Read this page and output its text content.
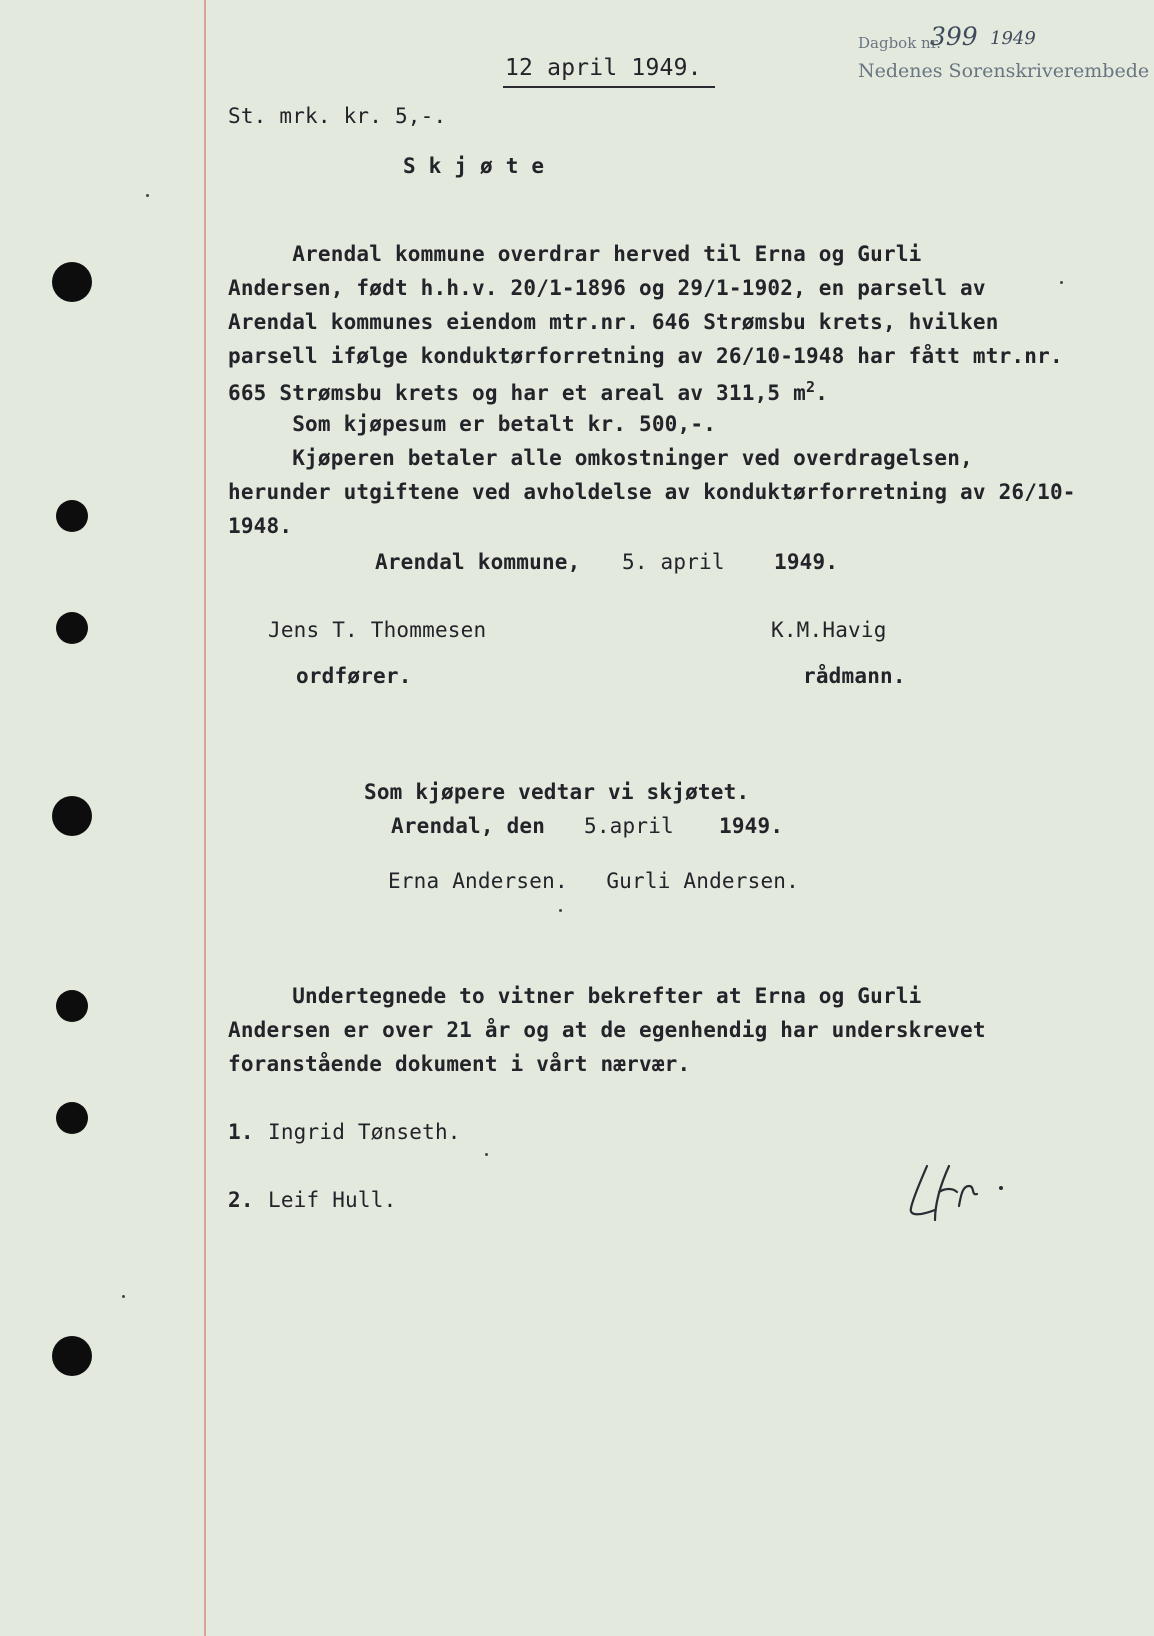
Dagbok nr.
399 1949
Nedenes Sorenskriverembede
12 april 1949.
St. mrk. kr. 5,-.
S k j ø t e
Arendal kommune overdrar herved til Erna og Gurli
Andersen, født h.h.v. 20/1-1896 og 29/1-1902, en parsell av
Arendal kommunes eiendom mtr.nr. 646 Strømsbu krets, hvilken
parsell ifølge konduktørforretning av 26/10-1948 har fått mtr.nr.
665 Strømsbu krets og har et areal av 311,5 $m^2$.
Som kjøpesum er betalt kr. 500,-.
Kjøperen betaler alle omkostninger ved overdragelsen,
herunder utgiftene ved avholdelse av konduktørforretning av 26/10-
1948.
Arendal kommune, 5. april 1949.
Jens T. Thommesen
ordfører.
K.M.Havig
rådmann.
Som kjøpere vedtar vi skjøtet.
Arendal, den 5.april 1949.
Erna Andersen.   Gurli Andersen.
Undertegnede to vitner bekrefter at Erna og Gurli
Andersen er over 21 år og at de egenhendig har underskrevet
foranstående dokument i vårt nærvær.
1. Ingrid Tønseth.
2. Leif Hull.
